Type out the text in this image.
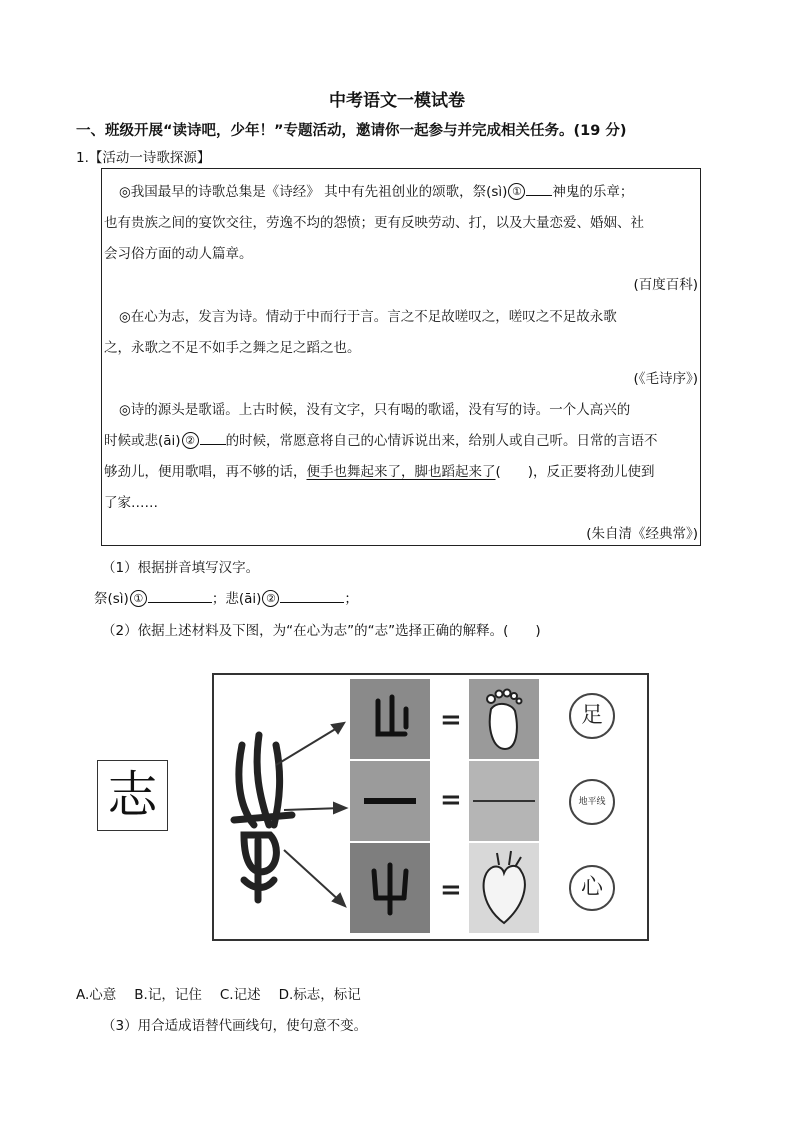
中考语文一模试卷
一、班级开展“读诗吧，少年！”专题活动，邀请你一起参与并完成相关任务。(19 分)
1.【活动一诗歌探源】
◎我国最早的诗歌总集是《诗经》 其中有先祖创业的颂歌，祭(sì) ① 神鬼的乐章；
也有贵族之间的宴饮交往，劳逸不均的怨愤；更有反映劳动、打，以及大量恋爱、婚姻、社
会习俗方面的动人篇章。
(百度百科)
◎在心为志，发言为诗。情动于中而行于言。言之不足故嗟叹之，嗟叹之不足故永歌
之，永歌之不足不如手之舞之足之蹈之也。
(《毛诗序》)
◎诗的源头是歌谣。上古时候，没有文字，只有喝的歌谣，没有写的诗。一个人高兴的
时候或悲(āi) ② 的时候，常愿意将自己的心情诉说出来，给别人或自己听。日常的言语不
够劲儿，便用歌唱，再不够的话，便手也舞起来了，脚也蹈起来了(　　)，反正要将劲儿使到
了家……
(朱自清《经典常》)
（1）根据拼音填写汉字。
祭(sì) ①	；悲(āi) ②	；
（2）依据上述材料及下图，为“在心为志”的“志”选择正确的解释。(　　)
志
=
=
=
足
地平线
心
A.心意 B.记，记住 C.记述 D.标志，标记
（3）用合适成语替代画线句，使句意不变。
